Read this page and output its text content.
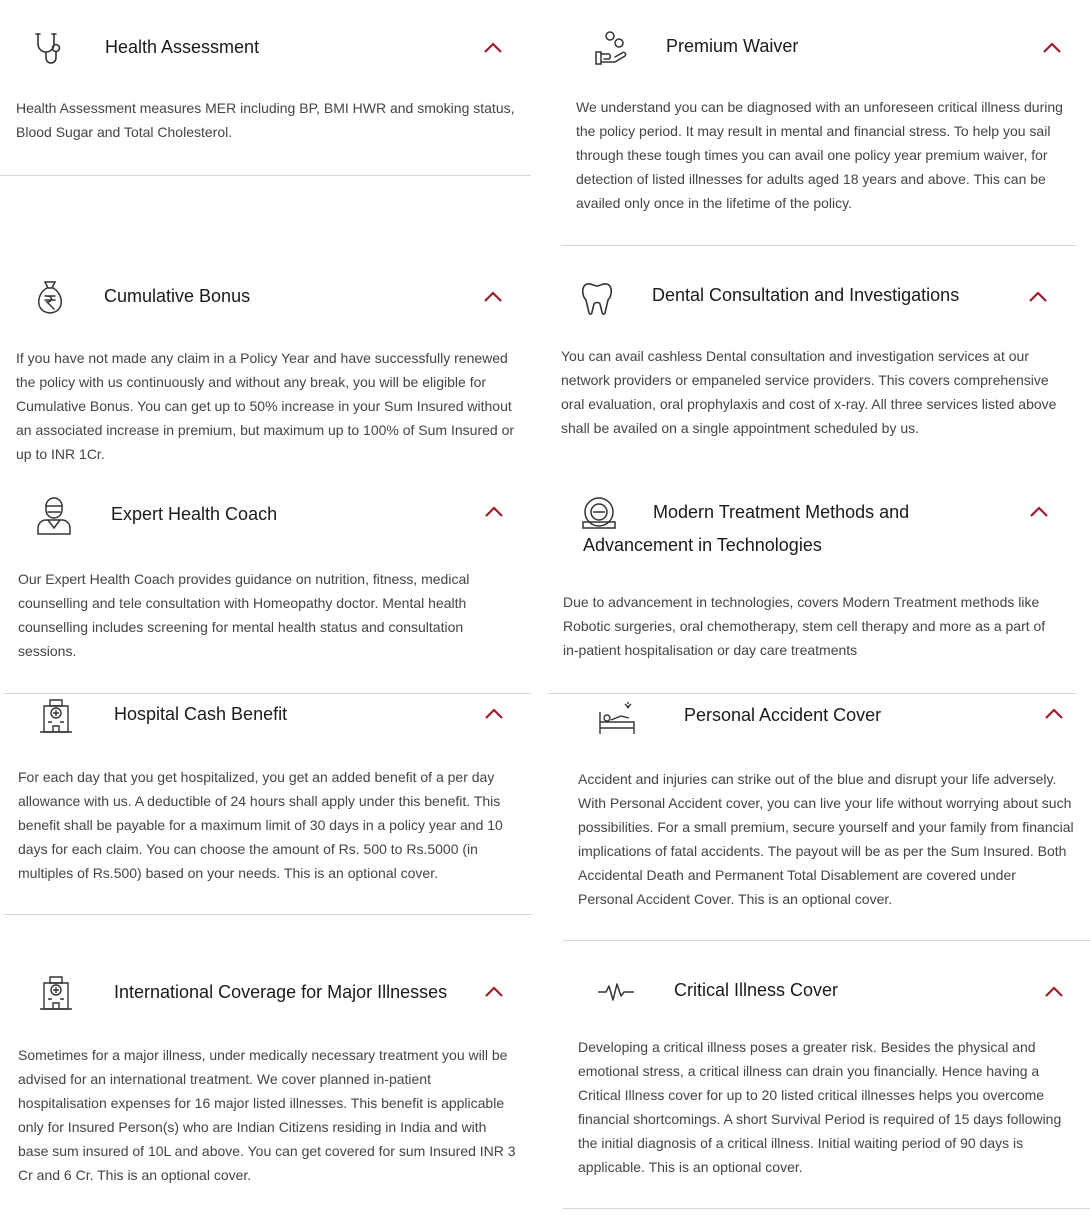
Health Assessment

Health Assessment measures MER including BP, BMI HWR and smoking status, Blood Sugar and Total Cholesterol.

Premium Waiver

We understand you can be diagnosed with an unforeseen critical illness during the policy period. It may result in mental and financial stress. To help you sail through these tough times you can avail one policy year premium waiver, for detection of listed illnesses for adults aged 18 years and above. This can be availed only once in the lifetime of the policy.

Cumulative Bonus

If you have not made any claim in a Policy Year and have successfully renewed the policy with us continuously and without any break, you will be eligible for Cumulative Bonus. You can get up to 50% increase in your Sum Insured without an associated increase in premium, but maximum up to 100% of Sum Insured or up to INR 1Cr.

Dental Consultation and Investigations

You can avail cashless Dental consultation and investigation services at our network providers or empaneled service providers. This covers comprehensive oral evaluation, oral prophylaxis and cost of x-ray. All three services listed above shall be availed on a single appointment scheduled by us.

Expert Health Coach

Our Expert Health Coach provides guidance on nutrition, fitness, medical counselling and tele consultation with Homeopathy doctor. Mental health counselling includes screening for mental health status and consultation sessions.

Modern Treatment Methods and
Advancement in Technologies

Due to advancement in technologies, covers Modern Treatment methods like Robotic surgeries, oral chemotherapy, stem cell therapy and more as a part of in-patient hospitalisation or day care treatments

Hospital Cash Benefit

For each day that you get hospitalized, you get an added benefit of a per day allowance with us. A deductible of 24 hours shall apply under this benefit. This benefit shall be payable for a maximum limit of 30 days in a policy year and 10 days for each claim. You can choose the amount of Rs. 500 to Rs.5000 (in multiples of Rs.500) based on your needs. This is an optional cover.

Personal Accident Cover

Accident and injuries can strike out of the blue and disrupt your life adversely. With Personal Accident cover, you can live your life without worrying about such possibilities. For a small premium, secure yourself and your family from financial implications of fatal accidents. The payout will be as per the Sum Insured. Both Accidental Death and Permanent Total Disablement are covered under Personal Accident Cover. This is an optional cover.

International Coverage for Major Illnesses

Sometimes for a major illness, under medically necessary treatment you will be advised for an international treatment. We cover planned in-patient hospitalisation expenses for 16 major listed illnesses. This benefit is applicable only for Insured Person(s) who are Indian Citizens residing in India and with base sum insured of 10L and above. You can get covered for sum Insured INR 3 Cr and 6 Cr. This is an optional cover.

Critical Illness Cover

Developing a critical illness poses a greater risk. Besides the physical and emotional stress, a critical illness can drain you financially. Hence having a Critical Illness cover for up to 20 listed critical illnesses helps you overcome financial shortcomings. A short Survival Period is required of 15 days following the initial diagnosis of a critical illness. Initial waiting period of 90 days is applicable. This is an optional cover.
